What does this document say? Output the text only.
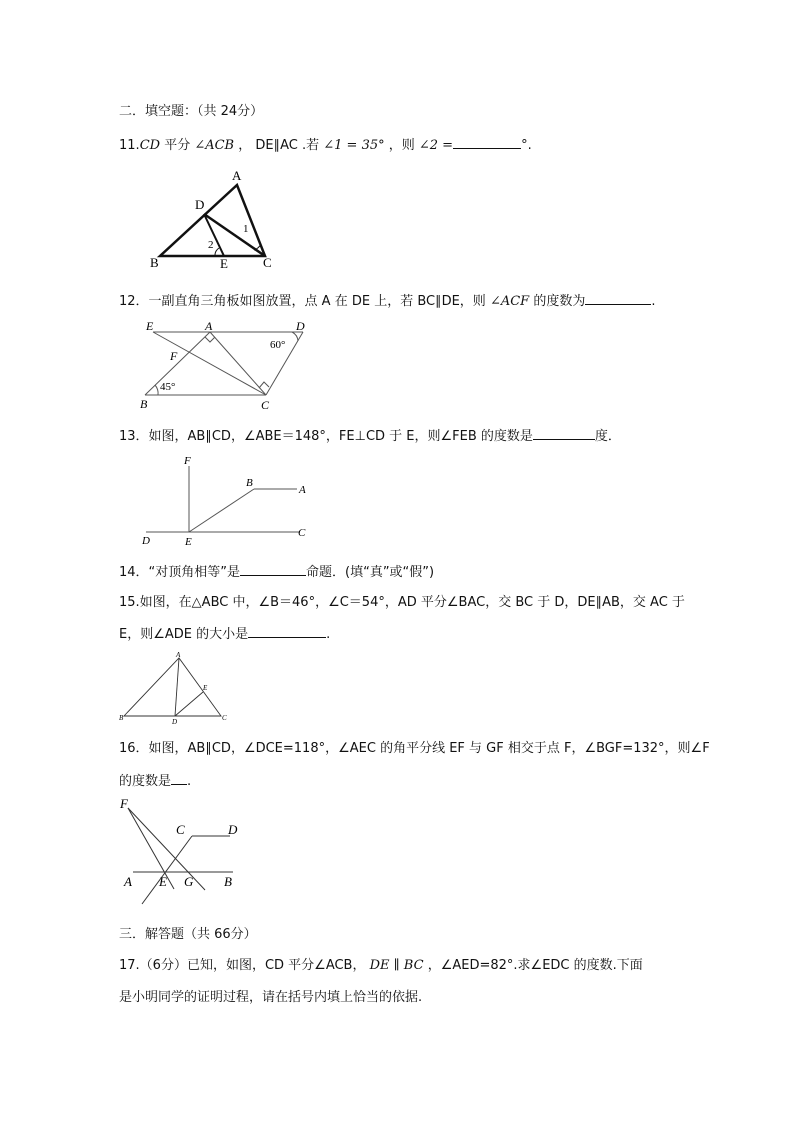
二．填空题：（共 24分）
11.CD 平分 ∠ACB ， DE∥AC .若 ∠1 = 35° ，则 ∠2 =	°.
A
B	C
D
E
1
2
12．一副直角三角板如图放置，点 A 在 DE 上，若 BC∥DE，则 ∠ACF 的度数为	.
E	A	D
F
B	C
60°
45°
13．如图，AB∥CD，∠ABE＝148°，FE⊥CD 于 E，则∠FEB 的度数是	度．
F
B
A
D	E
C
14．“对顶角相等”是	命题．(填“真”或“假”)
15.如图，在△ABC 中，∠B＝46°，∠C＝54°，AD 平分∠BAC，交 BC 于 D，DE∥AB，交 AC 于
E，则∠ADE 的大小是	.
A
E
B	D	C
16．如图，AB∥CD，∠DCE=118°，∠AEC 的角平分线 EF 与 GF 相交于点 F，∠BGF=132°，则∠F
的度数是 .
F
C	D
A E G B
三．解答题（共 66分）
17.（6分）已知，如图，CD 平分∠ACB， DE ∥ BC ，∠AED=82°.求∠EDC 的度数.下面
是小明同学的证明过程，请在括号内填上恰当的依据.
